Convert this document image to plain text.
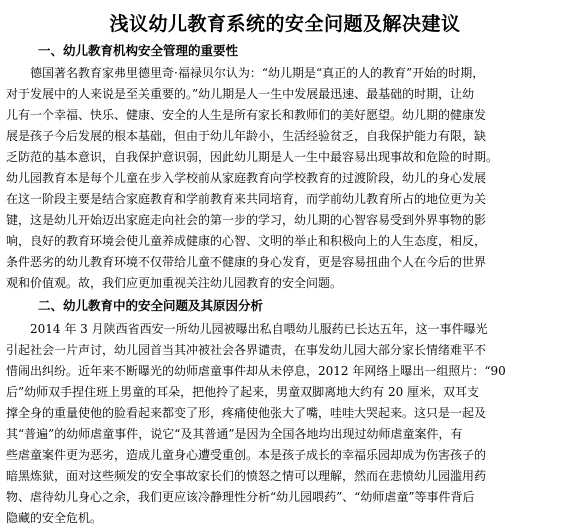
浅议幼儿教育系统的安全问题及解决建议
一、幼儿教育机构安全管理的重要性
德国著名教育家弗里德里奇·福禄贝尔认为：“幼儿期是“真正的人的教育”开始的时期，
对于发展中的人来说是至关重要的。”幼儿期是人一生中发展最迅速、最基础的时期，让幼
儿有一个幸福、快乐、健康、安全的人生是所有家长和教师们的美好愿望。幼儿期的健康发
展是孩子今后发展的根本基础，但由于幼儿年龄小，生活经验贫乏，自我保护能力有限，缺
乏防范的基本意识，自我保护意识弱，因此幼儿期是人一生中最容易出现事故和危险的时期。
幼儿园教育本是每个儿童在步入学校前从家庭教育向学校教育的过渡阶段，幼儿的身心发展
在这一阶段主要是结合家庭教育和学前教育来共同培育，而学前幼儿教育所占的地位更为关
键，这是幼儿开始迈出家庭走向社会的第一步的学习，幼儿期的心智容易受到外界事物的影
响，良好的教育环境会使儿童养成健康的心智、文明的举止和积极向上的人生态度，相反，
条件恶劣的幼儿教育环境不仅带给儿童不健康的身心发育，更是容易扭曲个人在今后的世界
观和价值观。故，我们应更加重视关注幼儿园教育的安全问题。
二、幼儿教育中的安全问题及其原因分析
2014 年 3 月陕西省西安一所幼儿园被曝出私自喂幼儿服药已长达五年，这一事件曝光
引起社会一片声讨，幼儿园首当其冲被社会各界谴责，在事发幼儿园大部分家长情绪难平不
惜闹出纠纷。近年来不断曝光的幼师虐童事件却从未停息，2012 年网络上曝出一组照片：“90
后”幼师双手捏住班上男童的耳朵，把他拎了起来，男童双脚离地大约有 20 厘米，双耳支
撑全身的重量使他的脸看起来都变了形，疼痛使他张大了嘴，哇哇大哭起来。这只是一起及
其“普遍”的幼师虐童事件，说它“及其普通”是因为全国各地均出现过幼师虐童案件，有
些虐童案件更为恶劣，造成儿童身心遭受重创。本是孩子成长的幸福乐园却成为伤害孩子的
暗黑炼狱，面对这些频发的安全事故家长们的愤怒之情可以理解，然而在悲愤幼儿园滥用药
物、虐待幼儿身心之余，我们更应该冷静理性分析“幼儿园喂药”、“幼师虐童”等事件背后
隐藏的安全危机。
